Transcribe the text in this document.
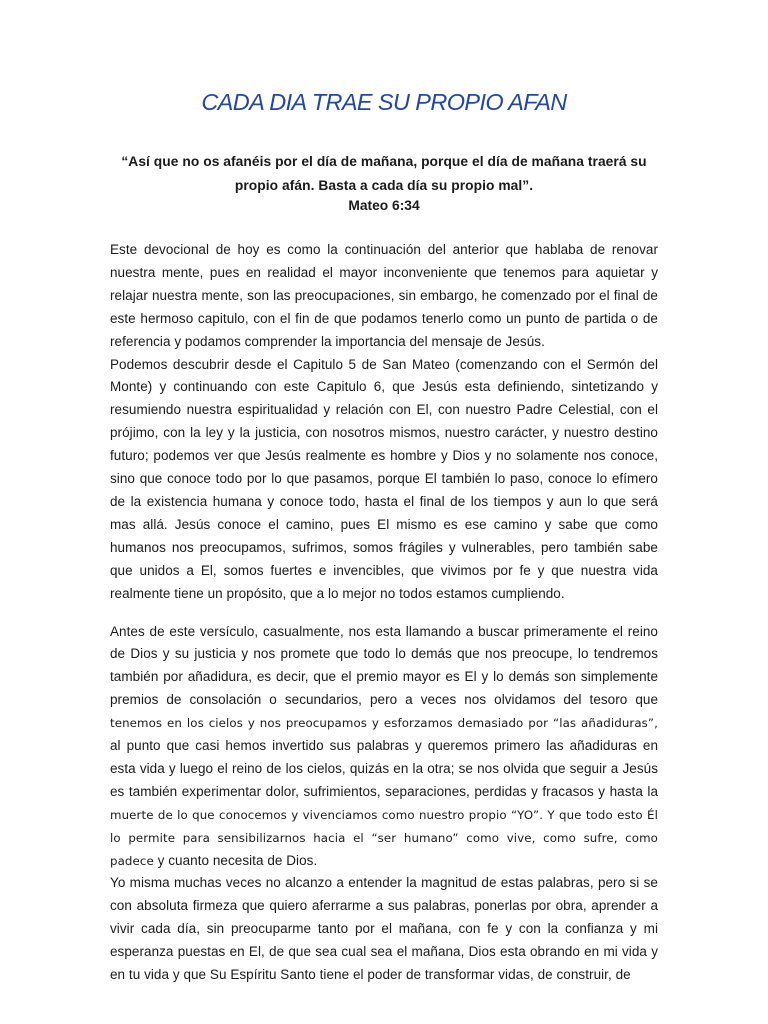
CADA DIA TRAE SU PROPIO AFAN

“Así que no os afanéis por el día de mañana, porque el día de mañana traerá su propio afán. Basta a cada día su propio mal”.

Mateo 6:34

Este devocional de hoy es como la continuación del anterior que hablaba de renovar nuestra mente, pues en realidad el mayor inconveniente que tenemos para aquietar y relajar nuestra mente, son las preocupaciones, sin embargo, he comenzado por el final de este hermoso capitulo, con el fin de que podamos tenerlo como un punto de partida o de referencia y podamos comprender la importancia del mensaje de Jesús.

Podemos descubrir desde el Capitulo 5 de San Mateo (comenzando con el Sermón del Monte) y continuando con este Capitulo 6, que Jesús esta definiendo, sintetizando y resumiendo nuestra espiritualidad y relación con El, con nuestro Padre Celestial, con el prójimo, con la ley y la justicia, con nosotros mismos, nuestro carácter, y nuestro destino futuro; podemos ver que Jesús realmente es hombre y Dios y no solamente nos conoce, sino que conoce todo por lo que pasamos, porque El también lo paso, conoce lo efímero de la existencia humana y conoce todo, hasta el final de los tiempos y aun lo que será mas allá. Jesús conoce el camino, pues El mismo es ese camino y sabe que como humanos nos preocupamos, sufrimos, somos frágiles y vulnerables, pero también sabe que unidos a El, somos fuertes e invencibles, que vivimos por fe y que nuestra vida realmente tiene un propósito, que a lo mejor no todos estamos cumpliendo.

Antes de este versículo, casualmente, nos esta llamando a buscar primeramente el reino de Dios y su justicia y nos promete que todo lo demás que nos preocupe, lo tendremos también por añadidura, es decir, que el premio mayor es El y lo demás son simplemente premios de consolación o secundarios, pero a veces nos olvidamos del tesoro que tenemos en los cielos y nos preocupamos y esforzamos demasiado por “las añadiduras”, al punto que casi hemos invertido sus palabras y queremos primero las añadiduras en esta vida y luego el reino de los cielos, quizás en la otra; se nos olvida que seguir a Jesús es también experimentar dolor, sufrimientos, separaciones, perdidas y fracasos y hasta la muerte de lo que conocemos y vivenciamos como nuestro propio “YO”. Y que todo esto Él lo permite para sensibilizarnos hacia el “ser humano” como vive, como sufre, como padece y cuanto necesita de Dios.

Yo misma muchas veces no alcanzo a entender la magnitud de estas palabras, pero si se con absoluta firmeza que quiero aferrarme a sus palabras, ponerlas por obra, aprender a vivir cada día, sin preocuparme tanto por el mañana, con fe y con la confianza y mi esperanza puestas en El, de que sea cual sea el mañana, Dios esta obrando en mi vida y en tu vida y que Su Espíritu Santo tiene el poder de transformar vidas, de construir, de
